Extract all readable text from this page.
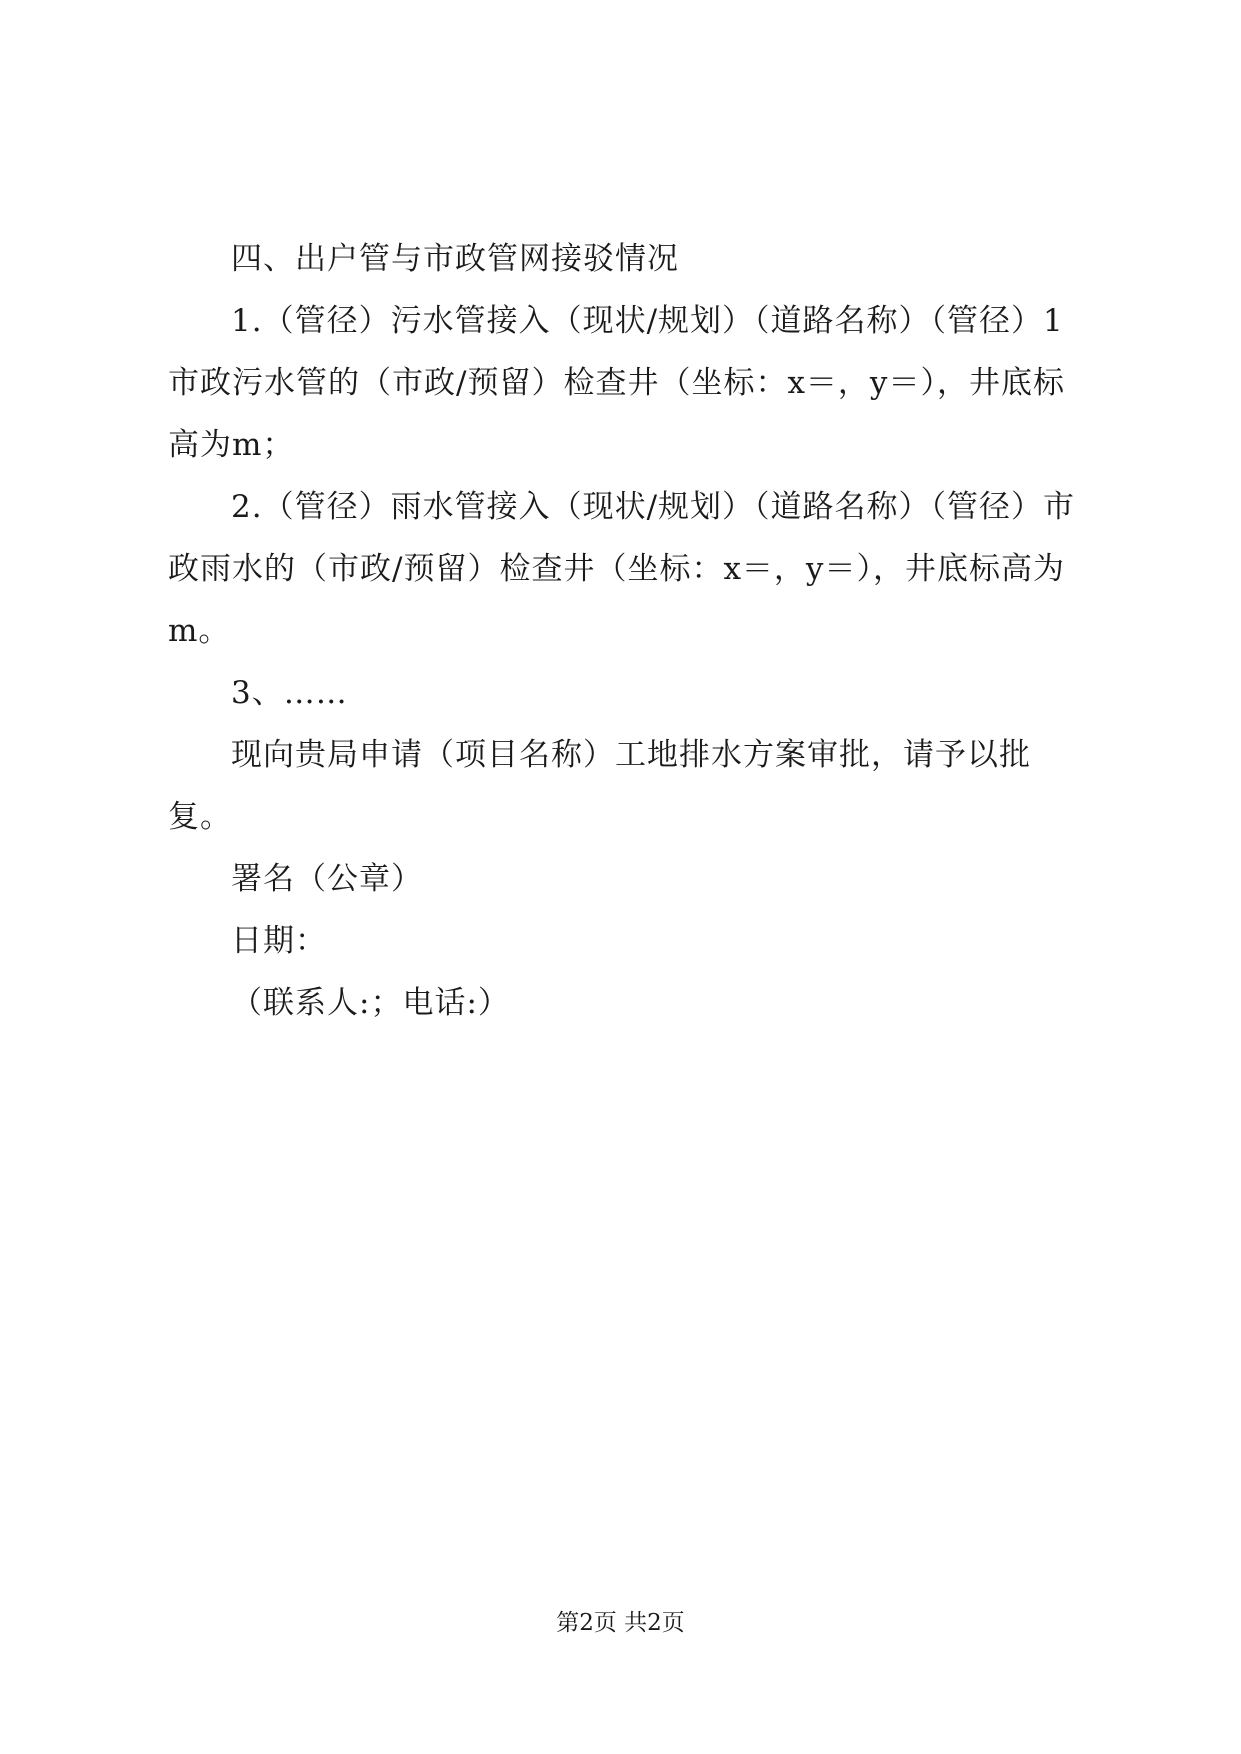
四、出户管与市政管网接驳情况

1.（管径）污水管接入（现状/规划）（道路名称）（管径）1市政污水管的（市政/预留）检查井（坐标：x＝，y＝），井底标高为m；

2.（管径）雨水管接入（现状/规划）（道路名称）（管径）市政雨水的（市政/预留）检查井（坐标：x＝，y＝），井底标高为m。

3、……

现向贵局申请（项目名称）工地排水方案审批，请予以批复。

署名（公章）

日期：

（联系人:；电话:）

第2页 共2页
